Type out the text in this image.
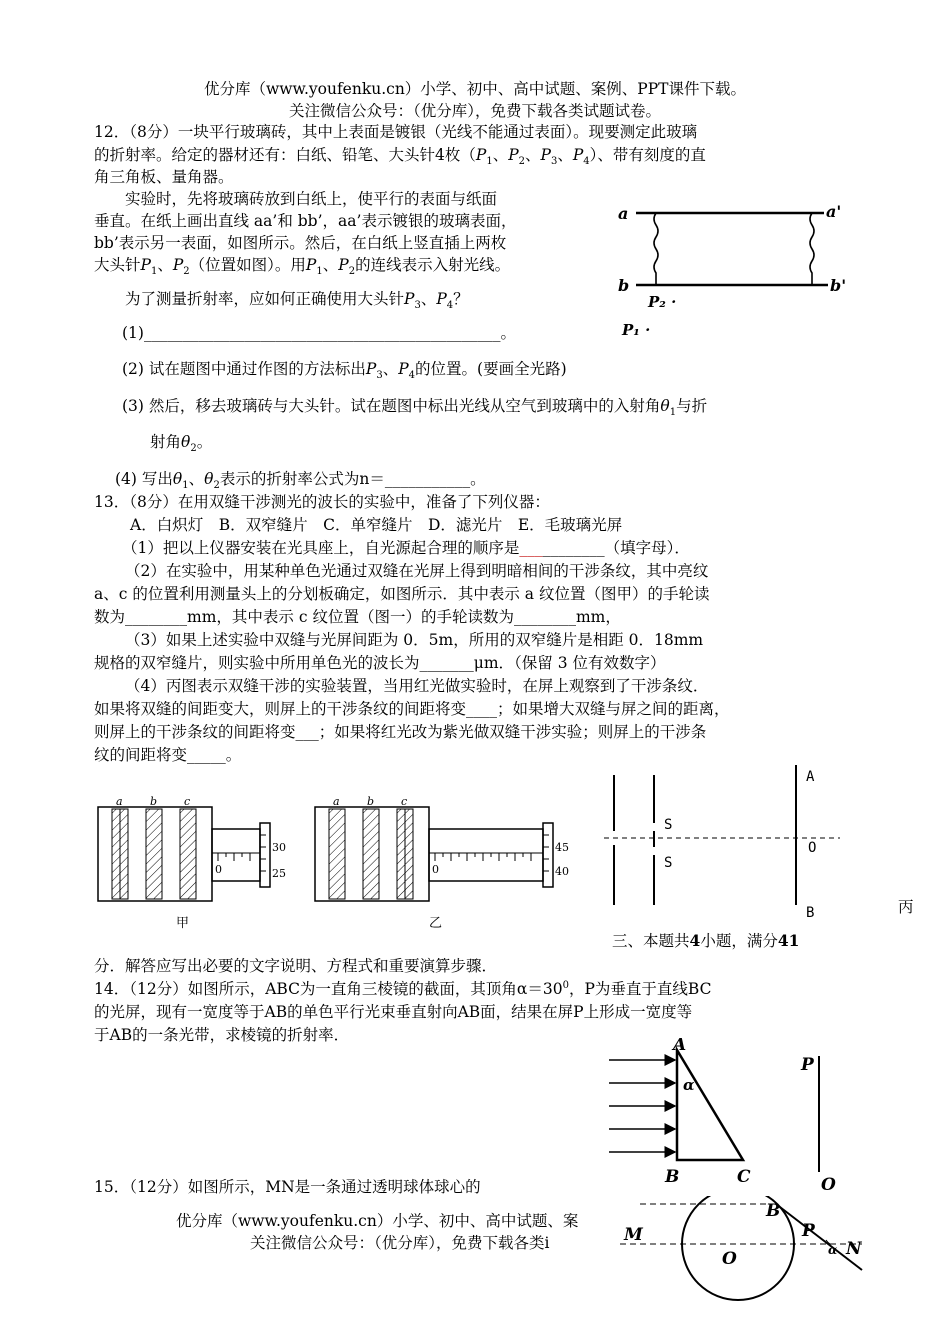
优分库（www.youfenku.cn）小学、初中、高中试题、案例、PPT课件下载。
关注微信公众号：（优分库），免费下载各类试题试卷。
12．（8分）一块平行玻璃砖，其中上表面是镀银（光线不能通过表面）。现要测定此玻璃
的折射率。给定的器材还有：白纸、铅笔、大头针4枚（$P_1$、$P_2$、$P_3$、$P_4$）、带有刻度的直
角三角板、量角器。
实验时，先将玻璃砖放到白纸上，使平行的表面与纸面
垂直。在纸上画出直线 aa’和 bb’，aa’表示镀银的玻璃表面，
bb’表示另一表面，如图所示。然后，在白纸上竖直插上两枚
大头针$P_1$、$P_2$（位置如图）。用$P_1$、$P_2$的连线表示入射光线。
为了测量折射率，应如何正确使用大头针$P_3$、$P_4$？
(1)______________________________________________。
(2) 试在题图中通过作图的方法标出$P_3$、$P_4$的位置。(要画全光路)
(3) 然后，移去玻璃砖与大头针。试在题图中标出光线从空气到玻璃中的入射角$\theta_1$与折
射角$\theta_2$。
(4) 写出$\theta_1$、$\theta_2$表示的折射率公式为n＝___________。
a	a'
b	b'
P₂ ·
P₁ ·
13．（8分）在用双缝干涉测光的波长的实验中，准备了下列仪器：
A．白炽灯　B．双窄缝片　C．单窄缝片　D．滤光片　E．毛玻璃光屏
（1）把以上仪器安装在光具座上，自光源起合理的顺序是___________（填字母）．
（2）在实验中，用某种单色光通过双缝在光屏上得到明暗相间的干涉条纹，其中亮纹
a、c 的位置利用测量头上的分划板确定，如图所示．其中表示 a 纹位置（图甲）的手轮读
数为________mm，其中表示 c 纹位置（图一）的手轮读数为________mm，
（3）如果上述实验中双缝与光屏间距为 0．5m，所用的双窄缝片是相距 0．18mm
规格的双窄缝片，则实验中所用单色光的波长为_______μm．（保留 3 位有效数字）
（4）丙图表示双缝干涉的实验装置，当用红光做实验时，在屏上观察到了干涉条纹．
如果将双缝的间距变大，则屏上的干涉条纹的间距将变____；如果增大双缝与屏之间的距离，
则屏上的干涉条纹的间距将变___；如果将红光改为紫光做双缝干涉实验；则屏上的干涉条
纹的间距将变_____。
a b c
30
25
0
甲
a b c
45
40
0
乙
S
S
A
O
B	丙
三、本题共4小题，满分41
分．解答应写出必要的文字说明、方程式和重要演算步骤．
14．（12分）如图所示，ABC为一直角三棱镜的截面，其顶角$\alpha=30^0$，P为垂直于直线BC
的光屏，现有一宽度等于AB的单色平行光束垂直射向AB面，结果在屏P上形成一宽度等
于AB的一条光带，求棱镜的折射率．	A
α
B	C
P
O
15．（12分）如图所示，MN是一条通过透明球体球心的
优分库（www.youfenku.cn）小学、初中、高中试题、案
关注微信公众号：（优分库），免费下载各类i	M
O
B
P
N
α
